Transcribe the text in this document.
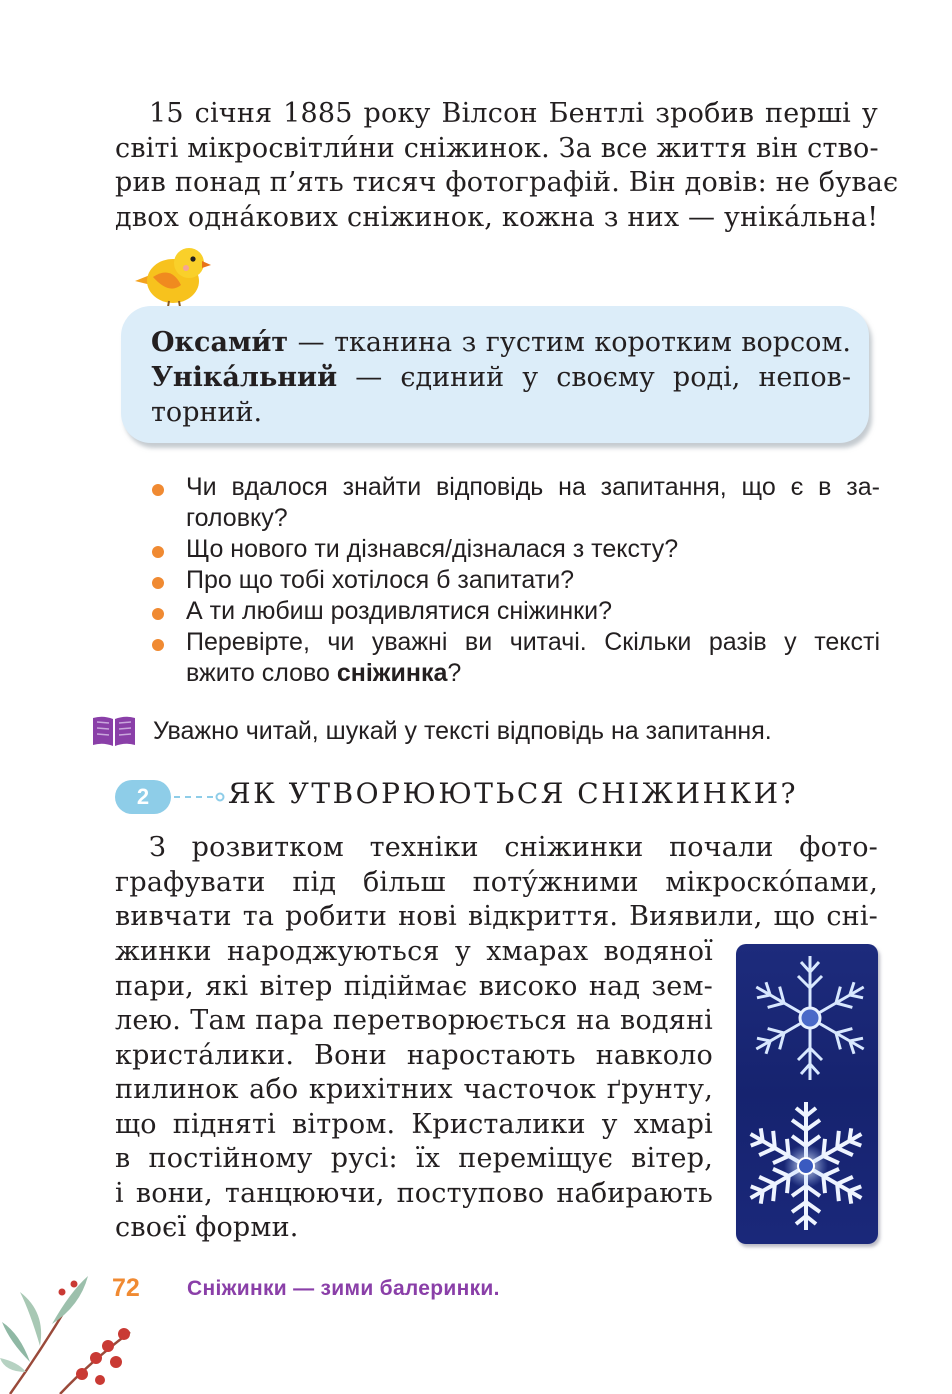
15 січня 1885 року Вілсон Бентлі зробив перші у
світі мікросвітли́ни сніжинок. За все життя він ство-
рив понад п’ять тисяч фотографій. Він довів: не буває
двох однáкових сніжинок, кожна з них — унікáльна!
Оксами́т — тканина з густим коротким ворсом.
Унікáльний — єдиний у своєму роді, непов-
торний.
Чи вдалося знайти відповідь на запитання, що є в за-
головку?
Що нового ти дізнався/дізналася з тексту?
Про що тобі хотілося б запитати?
А ти любиш роздивлятися сніжинки?
Перевірте, чи уважні ви читачі. Скільки разів у тексті
вжито слово сніжинка?
Уважно читай, шукай у тексті відповідь на запитання.
2	ЯК УТВОРЮЮТЬСЯ СНІЖИНКИ?
З розвитком техніки сніжинки почали фото-
графувати під більш потýжними мікроскóпами,
вивчати та робити нові відкриття. Виявили, що сні-
жинки народжуються у хмарах водяної
пари, які вітер підіймає високо над зем-
лею. Там пара перетворюється на водяні
кристáлики. Вони наростають навколо
пилинок або крихітних часточок ґрунту,
що підняті вітром. Кристалики у хмарі
в постійному русі: їх переміщує вітер,
і вони, танцюючи, поступово набирають
своєї форми.
72 Сніжинки — зими балеринки.
